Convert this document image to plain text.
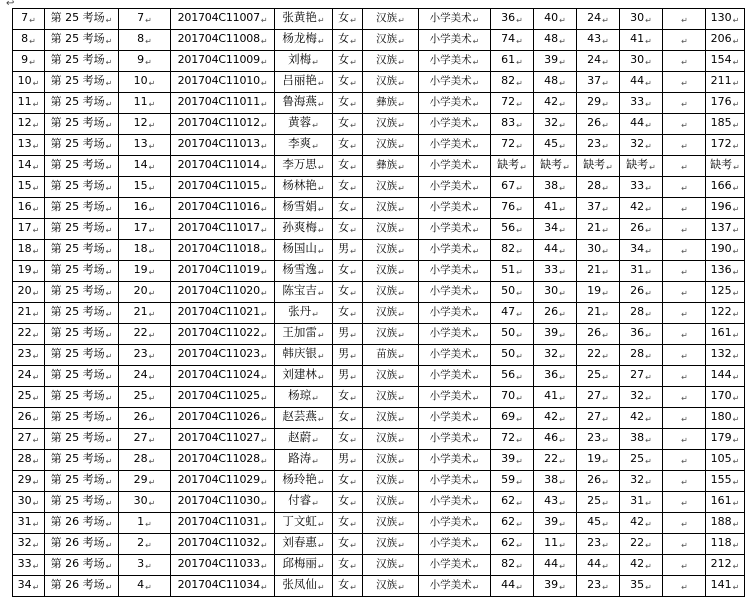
↩
7↵	第 25 考场↵	7↵	201704C11007↵	张黄艳↵	女↵	汉族↵	小学美术↵	36↵	40↵	24↵	30↵	↵	130↵
8↵	第 25 考场↵	8↵	201704C11008↵	杨龙梅↵	女↵	汉族↵	小学美术↵	74↵	48↵	43↵	41↵	↵	206↵
9↵	第 25 考场↵	9↵	201704C11009↵	刘梅↵	女↵	汉族↵	小学美术↵	61↵	39↵	24↵	30↵	↵	154↵
10↵	第 25 考场↵	10↵	201704C11010↵	吕丽艳↵	女↵	汉族↵	小学美术↵	82↵	48↵	37↵	44↵	↵	211↵
11↵	第 25 考场↵	11↵	201704C11011↵	鲁海燕↵	女↵	彝族↵	小学美术↵	72↵	42↵	29↵	33↵	↵	176↵
12↵	第 25 考场↵	12↵	201704C11012↵	黄蓉↵	女↵	汉族↵	小学美术↵	83↵	32↵	26↵	44↵	↵	185↵
13↵	第 25 考场↵	13↵	201704C11013↵	李爽↵	女↵	汉族↵	小学美术↵	72↵	45↵	23↵	32↵	↵	172↵
14↵	第 25 考场↵	14↵	201704C11014↵	李万思↵	女↵	彝族↵	小学美术↵	缺考↵	缺考↵	缺考↵	缺考↵	↵	缺考↵
15↵	第 25 考场↵	15↵	201704C11015↵	杨林艳↵	女↵	汉族↵	小学美术↵	67↵	38↵	28↵	33↵	↵	166↵
16↵	第 25 考场↵	16↵	201704C11016↵	杨雪娟↵	女↵	汉族↵	小学美术↵	76↵	41↵	37↵	42↵	↵	196↵
17↵	第 25 考场↵	17↵	201704C11017↵	孙爽梅↵	女↵	汉族↵	小学美术↵	56↵	34↵	21↵	26↵	↵	137↵
18↵	第 25 考场↵	18↵	201704C11018↵	杨国山↵	男↵	汉族↵	小学美术↵	82↵	44↵	30↵	34↵	↵	190↵
19↵	第 25 考场↵	19↵	201704C11019↵	杨雪逸↵	女↵	汉族↵	小学美术↵	51↵	33↵	21↵	31↵	↵	136↵
20↵	第 25 考场↵	20↵	201704C11020↵	陈宝吉↵	女↵	汉族↵	小学美术↵	50↵	30↵	19↵	26↵	↵	125↵
21↵	第 25 考场↵	21↵	201704C11021↵	张丹↵	女↵	汉族↵	小学美术↵	47↵	26↵	21↵	28↵	↵	122↵
22↵	第 25 考场↵	22↵	201704C11022↵	王加雷↵	男↵	汉族↵	小学美术↵	50↵	39↵	26↵	36↵	↵	161↵
23↵	第 25 考场↵	23↵	201704C11023↵	韩庆银↵	男↵	苗族↵	小学美术↵	50↵	32↵	22↵	28↵	↵	132↵
24↵	第 25 考场↵	24↵	201704C11024↵	刘建林↵	男↵	汉族↵	小学美术↵	56↵	36↵	25↵	27↵	↵	144↵
25↵	第 25 考场↵	25↵	201704C11025↵	杨琼↵	女↵	汉族↵	小学美术↵	70↵	41↵	27↵	32↵	↵	170↵
26↵	第 25 考场↵	26↵	201704C11026↵	赵芸燕↵	女↵	汉族↵	小学美术↵	69↵	42↵	27↵	42↵	↵	180↵
27↵	第 25 考场↵	27↵	201704C11027↵	赵蔚↵	女↵	汉族↵	小学美术↵	72↵	46↵	23↵	38↵	↵	179↵
28↵	第 25 考场↵	28↵	201704C11028↵	路涛↵	男↵	汉族↵	小学美术↵	39↵	22↵	19↵	25↵	↵	105↵
29↵	第 25 考场↵	29↵	201704C11029↵	杨玲艳↵	女↵	汉族↵	小学美术↵	59↵	38↵	26↵	32↵	↵	155↵
30↵	第 25 考场↵	30↵	201704C11030↵	付睿↵	女↵	汉族↵	小学美术↵	62↵	43↵	25↵	31↵	↵	161↵
31↵	第 26 考场↵	1↵	201704C11031↵	丁文虹↵	女↵	汉族↵	小学美术↵	62↵	39↵	45↵	42↵	↵	188↵
32↵	第 26 考场↵	2↵	201704C11032↵	刘春惠↵	女↵	汉族↵	小学美术↵	62↵	11↵	23↵	22↵	↵	118↵
33↵	第 26 考场↵	3↵	201704C11033↵	邱梅丽↵	女↵	汉族↵	小学美术↵	82↵	44↵	44↵	42↵	↵	212↵
34↵	第 26 考场↵	4↵	201704C11034↵	张凤仙↵	女↵	汉族↵	小学美术↵	44↵	39↵	23↵	35↵	↵	141↵
